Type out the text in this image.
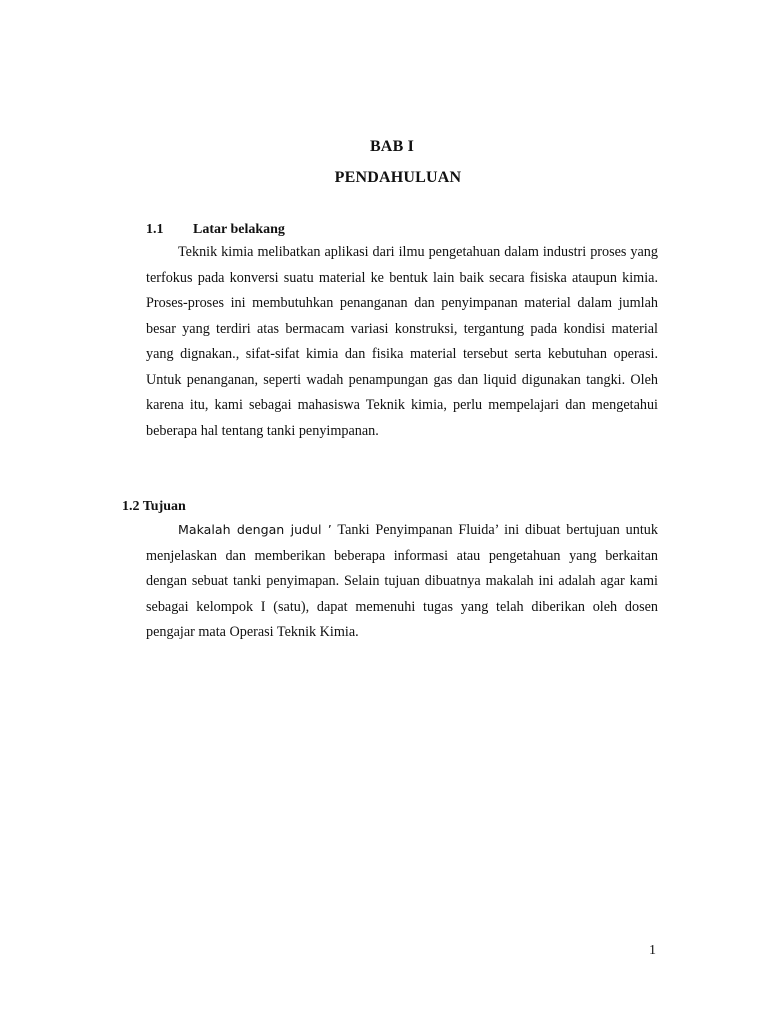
BAB I
PENDAHULUAN
1.1 Latar belakang

Teknik kimia melibatkan aplikasi dari ilmu pengetahuan dalam industri proses yang terfokus pada konversi suatu material ke bentuk lain baik secara fisiska ataupun kimia. Proses-proses ini membutuhkan penanganan dan penyimpanan material dalam jumlah besar yang terdiri atas bermacam variasi konstruksi, tergantung pada kondisi material yang dignakan., sifat-sifat kimia dan fisika material tersebut serta kebutuhan operasi. Untuk penanganan, seperti wadah penampungan gas dan liquid digunakan tangki. Oleh karena itu, kami sebagai mahasiswa Teknik kimia, perlu mempelajari dan mengetahui beberapa hal tentang tanki penyimpanan.

1.2 Tujuan

Makalah dengan judul ’ Tanki Penyimpanan Fluida’ ini dibuat bertujuan untuk menjelaskan dan memberikan beberapa informasi atau pengetahuan yang berkaitan dengan sebuat tanki penyimapan. Selain tujuan dibuatnya makalah ini adalah agar kami sebagai kelompok I (satu), dapat memenuhi tugas yang telah diberikan oleh dosen pengajar mata Operasi Teknik Kimia.

1
